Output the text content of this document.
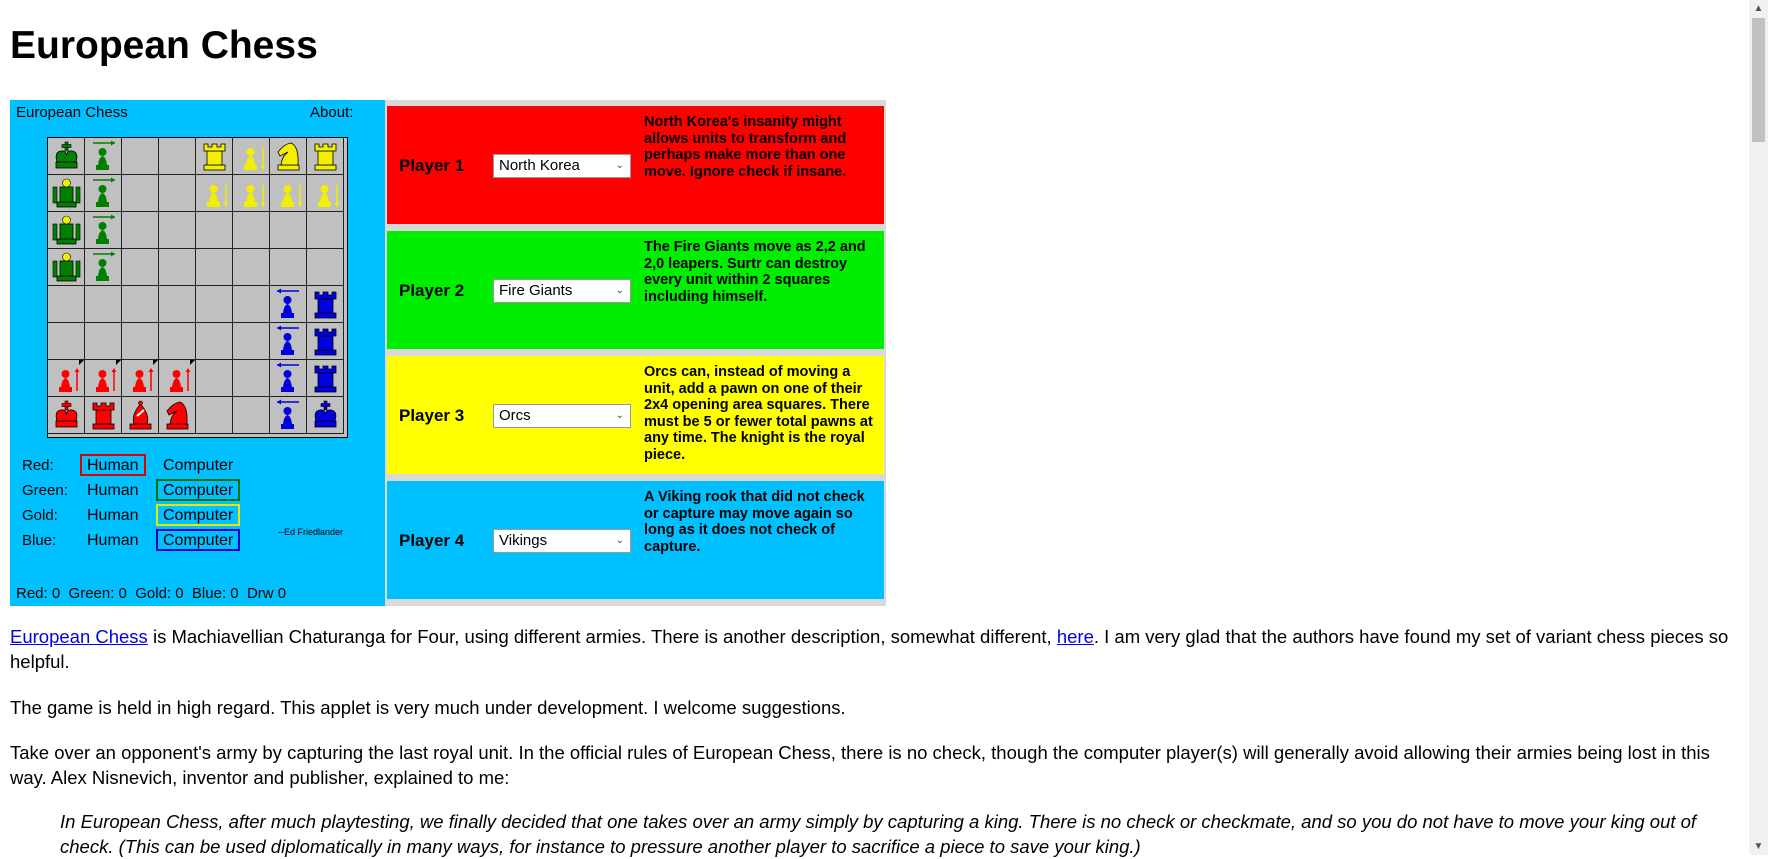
European Chess
European Chess	About:
Red:	Human	Computer
Green:	Human	Computer
Gold:	Human	Computer
Blue:	Human	Computer	--Ed Friedlander
Red: 0  Green: 0  Gold: 0  Blue: 0  Drw 0
Player 1	North Korea	⌄
North Korea's insanity might allows units to transform and perhaps make more than one move. Ignore check if insane.
Player 2	Fire Giants	⌄
The Fire Giants move as 2,2 and 2,0 leapers. Surtr can destroy every unit within 2 squares including himself.
Player 3	Orcs	⌄
Orcs can, instead of moving a unit, add a pawn on one of their 2x4 opening area squares. There must be 5 or fewer total pawns at any time. The knight is the royal piece.
Player 4	Vikings	⌄
A Viking rook that did not check or capture may move again so long as it does not check of capture.
European Chess is Machiavellian Chaturanga for Four, using different armies. There is another description, somewhat different, here. I am very glad that the authors have found my set of variant chess pieces so helpful.
The game is held in high regard. This applet is very much under development. I welcome suggestions.
Take over an opponent's army by capturing the last royal unit. In the official rules of European Chess, there is no check, though the computer player(s) will generally avoid allowing their armies being lost in this way. Alex Nisnevich, inventor and publisher, explained to me:
In European Chess, after much playtesting, we finally decided that one takes over an army simply by capturing a king. There is no check or checkmate, and so you do not have to move your king out of check. (This can be used diplomatically in many ways, for instance to pressure another player to sacrifice a piece to save your king.)
▲
▼
